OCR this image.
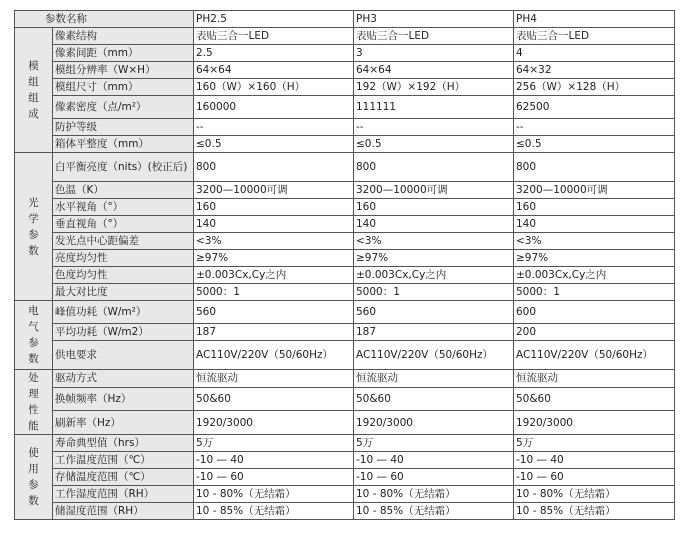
参数名称		PH2.5	PH3	PH4
模组组成	像素结构	表贴三合一LED	表贴三合一LED	表贴三合一LED
	像素间距（mm）	2.5	3	4
	模组分辨率（W×H）	64×64	64×64	64×32
	模组尺寸（mm）	160（W）×160（H）	192（W）×192（H）	256（W）×128（H）
	像素密度（点/m²）	160000	111111	62500
	防护等级	--	--	--
	箱体平整度（mm）	≤0.5	≤0.5	≤0.5
光学参数	白平衡亮度（nits）(校正后)	800	800	800
	色温（K）	3200—10000可调	3200—10000可调	3200—10000可调
	水平视角（°）	160	160	160
	垂直视角（°）	140	140	140
	发光点中心距偏差	<3%	<3%	<3%
	亮度均匀性	≥97%	≥97%	≥97%
	色度均匀性	±0.003Cx,Cy之内	±0.003Cx,Cy之内	±0.003Cx,Cy之内
	最大对比度	5000：1	5000：1	5000：1
电气参数	峰值功耗（W/m²）	560	560	600
	平均功耗（W/m2）	187	187	200
	供电要求	AC110V/220V（50/60Hz）	AC110V/220V（50/60Hz）	AC110V/220V（50/60Hz）
处理性能	驱动方式	恒流驱动	恒流驱动	恒流驱动
	换帧频率（Hz）	50&60	50&60	50&60
	刷新率（Hz）	1920/3000	1920/3000	1920/3000
使用参数	寿命典型值（hrs）	5万	5万	5万
	工作温度范围（℃）	-10 — 40	-10 — 40	-10 — 40
	存储温度范围（℃）	-10 — 60	-10 — 60	-10 — 60
	工作湿度范围（RH）	10 - 80%（无结霜）	10 - 80%（无结霜）	10 - 80%（无结霜）
	储湿度范围（RH）	10 - 85%（无结霜）	10 - 85%（无结霜）	10 - 85%（无结霜）
